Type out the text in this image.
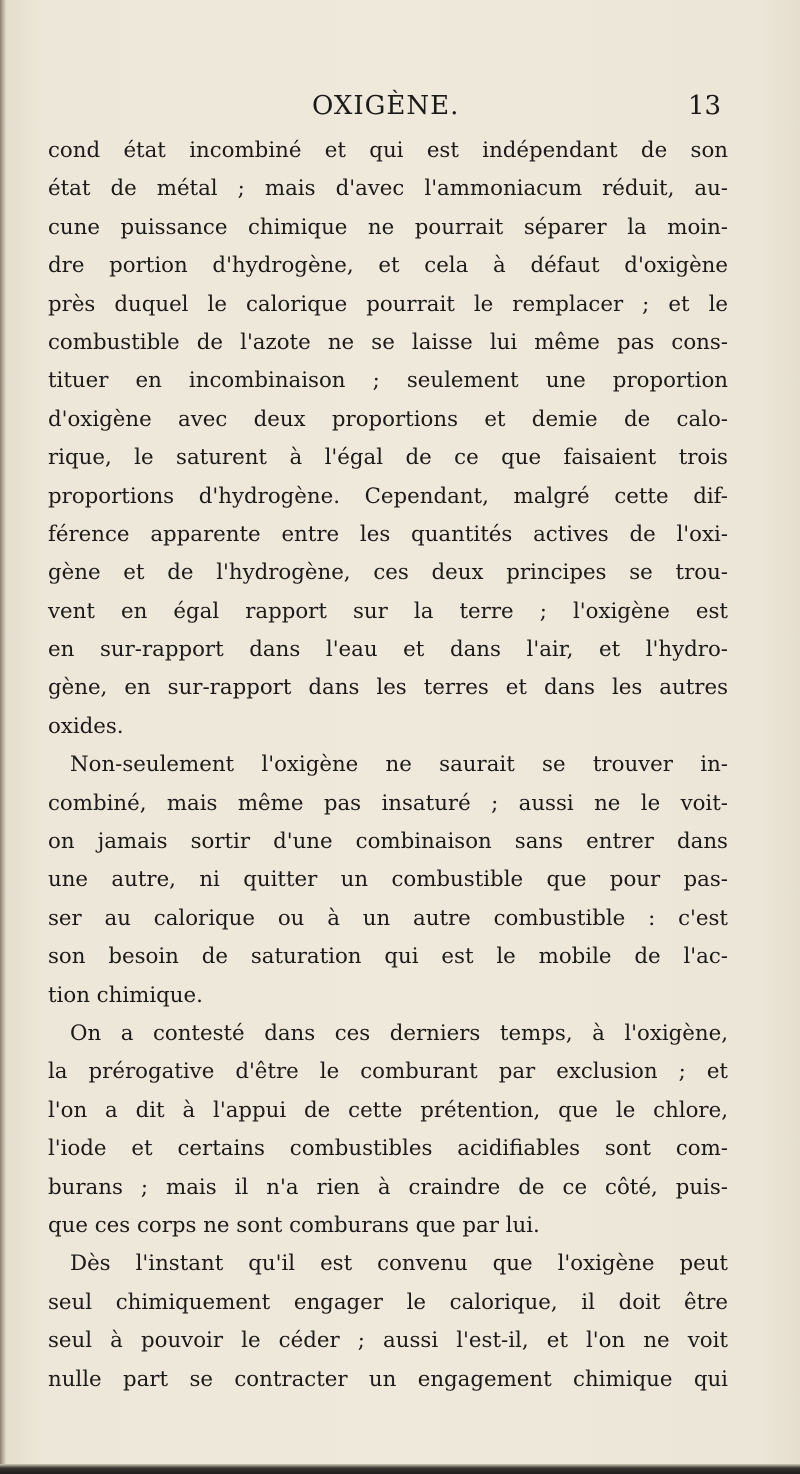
OXIGÈNE.	13
cond état incombiné et qui est indépendant de son
état de métal ; mais d'avec l'ammoniacum réduit, au-
cune puissance chimique ne pourrait séparer la moin-
dre portion d'hydrogène, et cela à défaut d'oxigène
près duquel le calorique pourrait le remplacer ; et le
combustible de l'azote ne se laisse lui même pas cons-
tituer en incombinaison ; seulement une proportion
d'oxigène avec deux proportions et demie de calo-
rique, le saturent à l'égal de ce que faisaient trois
proportions d'hydrogène. Cependant, malgré cette dif-
férence apparente entre les quantités actives de l'oxi-
gène et de l'hydrogène, ces deux principes se trou-
vent en égal rapport sur la terre ; l'oxigène est
en sur-rapport dans l'eau et dans l'air, et l'hydro-
gène, en sur-rapport dans les terres et dans les autres
oxides.
Non-seulement l'oxigène ne saurait se trouver in-
combiné, mais même pas insaturé ; aussi ne le voit-
on jamais sortir d'une combinaison sans entrer dans
une autre, ni quitter un combustible que pour pas-
ser au calorique ou à un autre combustible : c'est
son besoin de saturation qui est le mobile de l'ac-
tion chimique.
On a contesté dans ces derniers temps, à l'oxigène,
la prérogative d'être le comburant par exclusion ; et
l'on a dit à l'appui de cette prétention, que le chlore,
l'iode et certains combustibles acidifiables sont com-
burans ; mais il n'a rien à craindre de ce côté, puis-
que ces corps ne sont comburans que par lui.
Dès l'instant qu'il est convenu que l'oxigène peut
seul chimiquement engager le calorique, il doit être
seul à pouvoir le céder ; aussi l'est-il, et l'on ne voit
nulle part se contracter un engagement chimique qui
